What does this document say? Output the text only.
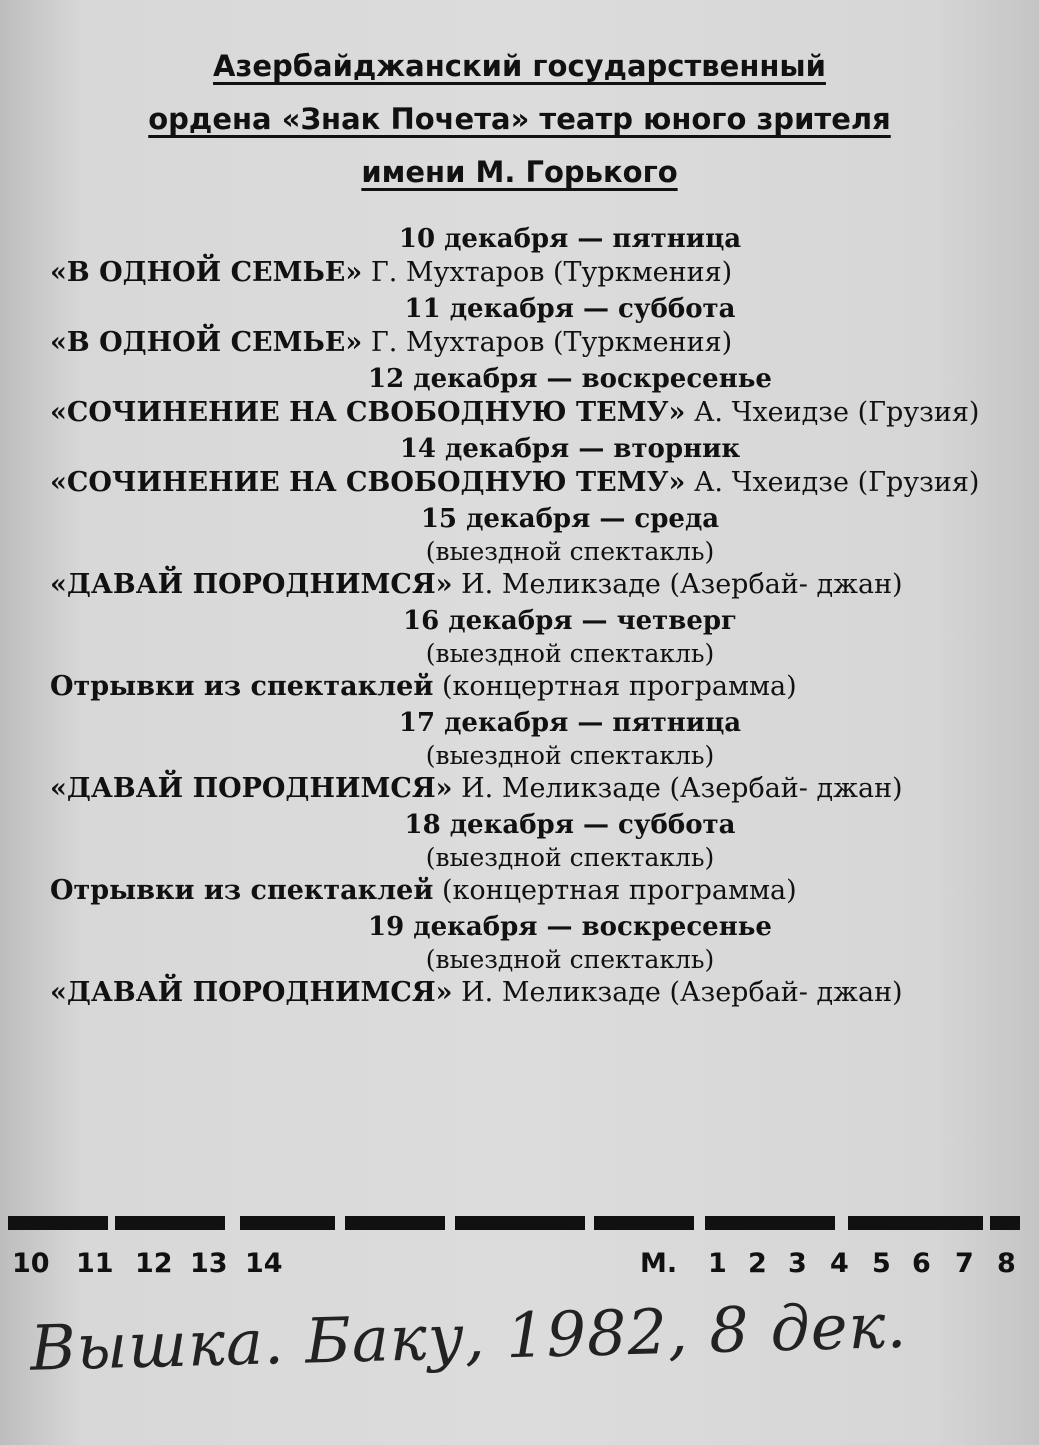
Азербайджанский государственный
ордена «Знак Почета» театр юного зрителя
имени М. Горького
10 декабря — пятница
«В ОДНОЙ СЕМЬЕ» Г. Мухтаров (Туркмения)
11 декабря — суббота
«В ОДНОЙ СЕМЬЕ» Г. Мухтаров (Туркмения)
12 декабря — воскресенье
«СОЧИНЕНИЕ НА СВОБОДНУЮ ТЕМУ» А. Чхеидзе (Грузия)
14 декабря — вторник
«СОЧИНЕНИЕ НА СВОБОДНУЮ ТЕМУ» А. Чхеидзе (Грузия)
15 декабря — среда
(выездной спектакль)
«ДАВАЙ ПОРОДНИМСЯ» И. Меликзаде (Азербай- джан)
16 декабря — четверг
(выездной спектакль)
Отрывки из спектаклей (концертная программа)
17 декабря — пятница
(выездной спектакль)
«ДАВАЙ ПОРОДНИМСЯ» И. Меликзаде (Азербай- джан)
18 декабря — суббота
(выездной спектакль)
Отрывки из спектаклей (концертная программа)
19 декабря — воскресенье
(выездной спектакль)
«ДАВАЙ ПОРОДНИМСЯ» И. Меликзаде (Азербай- джан)
10 11 12 13 14	М. 1 2 3 4 5 6 7 8
Вышка. Баку, 1982, 8 дек.
